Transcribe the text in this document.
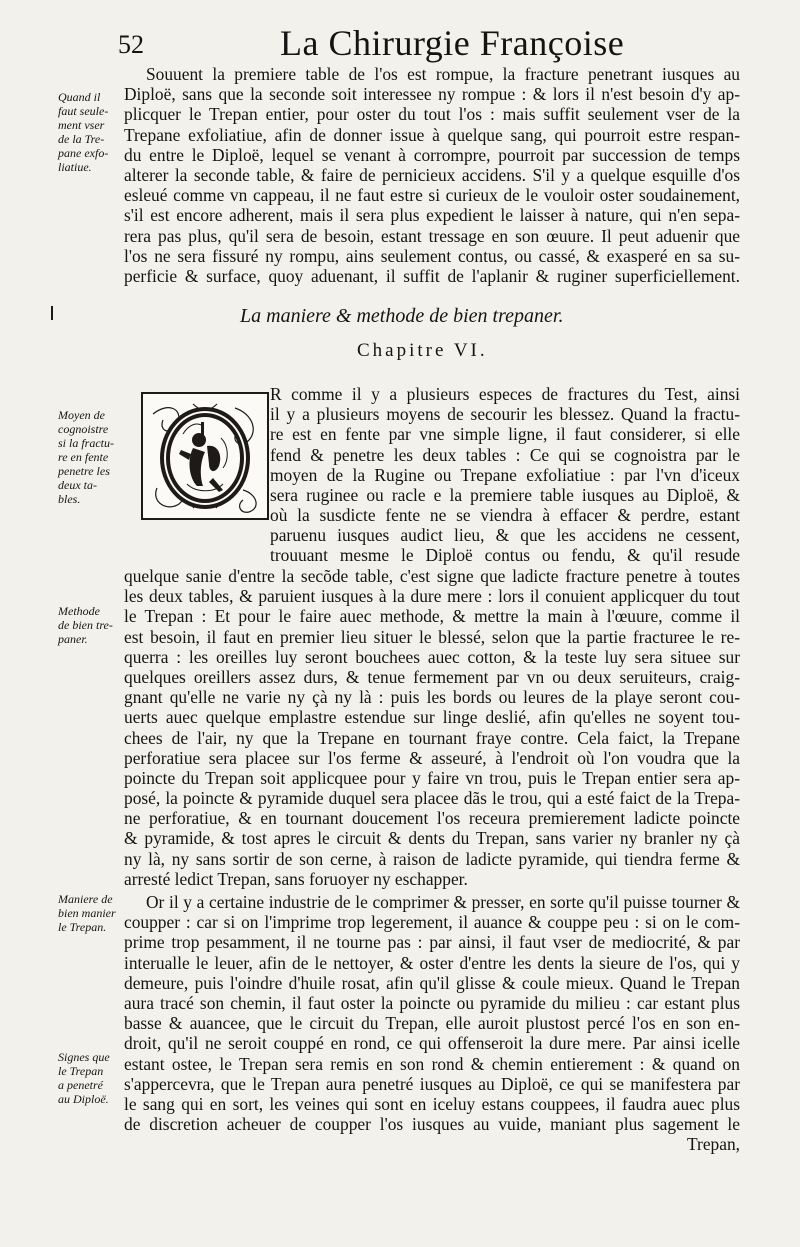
52	La Chirurgie Françoise
Quand il
faut seule-
ment vser
de la Tre-
pane exfo-
liatiue.
Moyen de
cognoistre
si la fractu-
re en fente
penetre les
deux ta-
bles.
Methode
de bien tre-
paner.
Maniere de
bien manier
le Trepan.
Signes que
le Trepan
a penetré
au Diploë.
Souuent la premiere table de l'os est rompue, la fracture penetrant iusques au
Diploë, sans que la seconde soit interessee ny rompue : & lors il n'est besoin d'y ap-
plicquer le Trepan entier, pour oster du tout l'os : mais suffit seulement vser de la
Trepane exfoliatiue, afin de donner issue à quelque sang, qui pourroit estre respan-
du entre le Diploë, lequel se venant à corrompre, pourroit par succession de temps
alterer la seconde table, & faire de pernicieux accidens. S'il y a quelque esquille d'os
esleué comme vn cappeau, il ne faut estre si curieux de le vouloir oster soudainement,
s'il est encore adherent, mais il sera plus expedient le laisser à nature, qui n'en sepa-
rera pas plus, qu'il sera de besoin, estant tressage en son œuure. Il peut aduenir que
l'os ne sera fissuré ny rompu, ains seulement contus, ou cassé, & exasperé en sa su-
perficie & surface, quoy aduenant, il suffit de l'aplanir & ruginer superficiellement.
La maniere & methode de bien trepaner.
Chapitre VI.
R comme il y a plusieurs especes de fractures du Test, ainsi
il y a plusieurs moyens de secourir les blessez. Quand la fractu-
re est en fente par vne simple ligne, il faut considerer, si elle
fend & penetre les deux tables : Ce qui se cognoistra par le
moyen de la Rugine ou Trepane exfoliatiue : par l'vn d'iceux
sera ruginee ou racle e la premiere table iusques au Diploë, &
où la susdicte fente ne se viendra à effacer & perdre, estant
paruenu iusques audict lieu, & que les accidens ne cessent,
trouuant mesme le Diploë contus ou fendu, & qu'il resude
quelque sanie d'entre la secõde table, c'est signe que ladicte fracture penetre à toutes
les deux tables, & paruient iusques à la dure mere : lors il conuient applicquer du tout
le Trepan : Et pour le faire auec methode, & mettre la main à l'œuure, comme il
est besoin, il faut en premier lieu situer le blessé, selon que la partie fracturee le re-
querra : les oreilles luy seront bouchees auec cotton, & la teste luy sera situee sur
quelques oreillers assez durs, & tenue fermement par vn ou deux seruiteurs, craig-
gnant qu'elle ne varie ny çà ny là : puis les bords ou leures de la playe seront cou-
uerts auec quelque emplastre estendue sur linge deslié, afin qu'elles ne soyent tou-
chees de l'air, ny que la Trepane en tournant fraye contre. Cela faict, la Trepane
perforatiue sera placee sur l'os ferme & asseuré, à l'endroit où l'on voudra que la
poincte du Trepan soit applicquee pour y faire vn trou, puis le Trepan entier sera ap-
posé, la poincte & pyramide duquel sera placee dãs le trou, qui a esté faict de la Trepa-
ne perforatiue, & en tournant doucement l'os receura premierement ladicte poincte
& pyramide, & tost apres le circuit & dents du Trepan, sans varier ny branler ny çà
ny là, ny sans sortir de son cerne, à raison de ladicte pyramide, qui tiendra ferme &
arresté ledict Trepan, sans foruoyer ny eschapper.
Or il y a certaine industrie de le comprimer & presser, en sorte qu'il puisse tourner &
coupper : car si on l'imprime trop legerement, il auance & couppe peu : si on le com-
prime trop pesamment, il ne tourne pas : par ainsi, il faut vser de mediocrité, & par
interualle le leuer, afin de le nettoyer, & oster d'entre les dents la sieure de l'os, qui y
demeure, puis l'oindre d'huile rosat, afin qu'il glisse & coule mieux. Quand le Trepan
aura tracé son chemin, il faut oster la poincte ou pyramide du milieu : car estant plus
basse & auancee, que le circuit du Trepan, elle auroit plustost percé l'os en son en-
droit, qu'il ne seroit couppé en rond, ce qui offenseroit la dure mere. Par ainsi icelle
estant ostee, le Trepan sera remis en son rond & chemin entierement : & quand on
s'appercevra, que le Trepan aura penetré iusques au Diploë, ce qui se manifestera par
le sang qui en sort, les veines qui sont en iceluy estans couppees, il faudra auec plus
de discretion acheuer de coupper l'os iusques au vuide, maniant plus sagement le
Trepan,
